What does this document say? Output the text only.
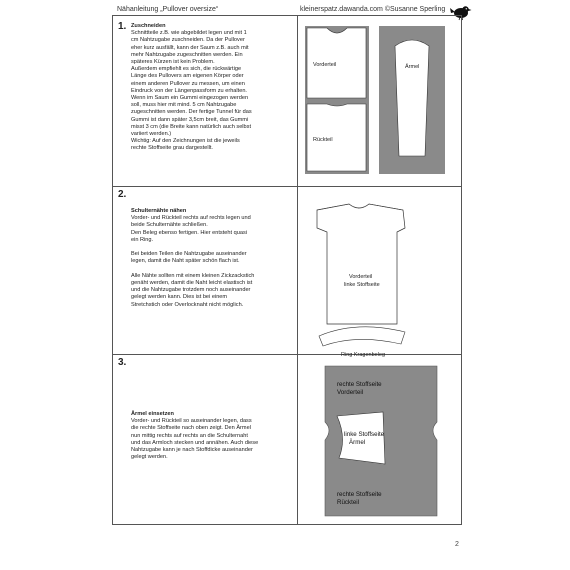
Nähanleitung „Pullover oversize“	kleinerspatz.dawanda.com ©Susanne Sperling
1. Zuschneiden

Schnittteile z.B. wie abgebildet legen und mit 1
cm Nahtzugabe zuschneiden. Da der Pullover
eher kurz ausfällt, kann der Saum z.B. auch mit
mehr Nahtzugabe zugeschnitten werden. Ein
späteres Kürzen ist kein Problem.
Außerdem empfiehlt es sich, die rückwärtige
Länge des Pullovers am eigenen Körper oder
einem anderen Pullover zu messen, um einen
Eindruck von der Längenpassform zu erhalten.
Wenn im Saum ein Gummi eingezogen werden
soll, muss hier mit mind. 5 cm Nahtzugabe
zugeschnitten werden. Der fertige Tunnel für das
Gummi ist dann später 3,5cm breit, das Gummi
misst 3 cm (die Breite kann natürlich auch selbst
variiert werden.)
Wichtig: Auf den Zeichnungen ist die jeweils
rechte Stoffseite grau dargestellt.

Vorderteil
Rückteil
Ärmel
2.
Schulternähte nähen

Vorder- und Rückteil rechts auf rechts legen und
beide Schulternähte schließen.
Den Beleg ebenso fertigen. Hier entsteht quasi
ein Ring.

Bei beiden Teilen die Nahtzugabe auseinander
legen, damit die Naht später schön flach ist.

Alle Nähte sollten mit einem kleinen Zickzackstich
genäht werden, damit die Naht leicht elastisch ist
und die Nahtzugabe trotzdem noch auseinander
gelegt werden kann. Dies ist bei einem
Stretchstich oder Overlocknaht nicht möglich.

Vorderteil
linke Stoffseite
Ring Kragenbeleg
3.
Ärmel einsetzen

Vorder- und Rückteil so auseinander legen, dass
die rechte Stoffseite nach oben zeigt. Den Ärmel
nun mittig rechts auf rechts an die Schulternaht
und das Armloch stecken und annähen. Auch diese
Nahtzugabe kann je nach Stoffdicke auseinander
gelegt werden.

rechte Stoffseite
Vorderteil
linke Stoffseite
Ärmel
rechte Stoffseite
Rückteil
2
